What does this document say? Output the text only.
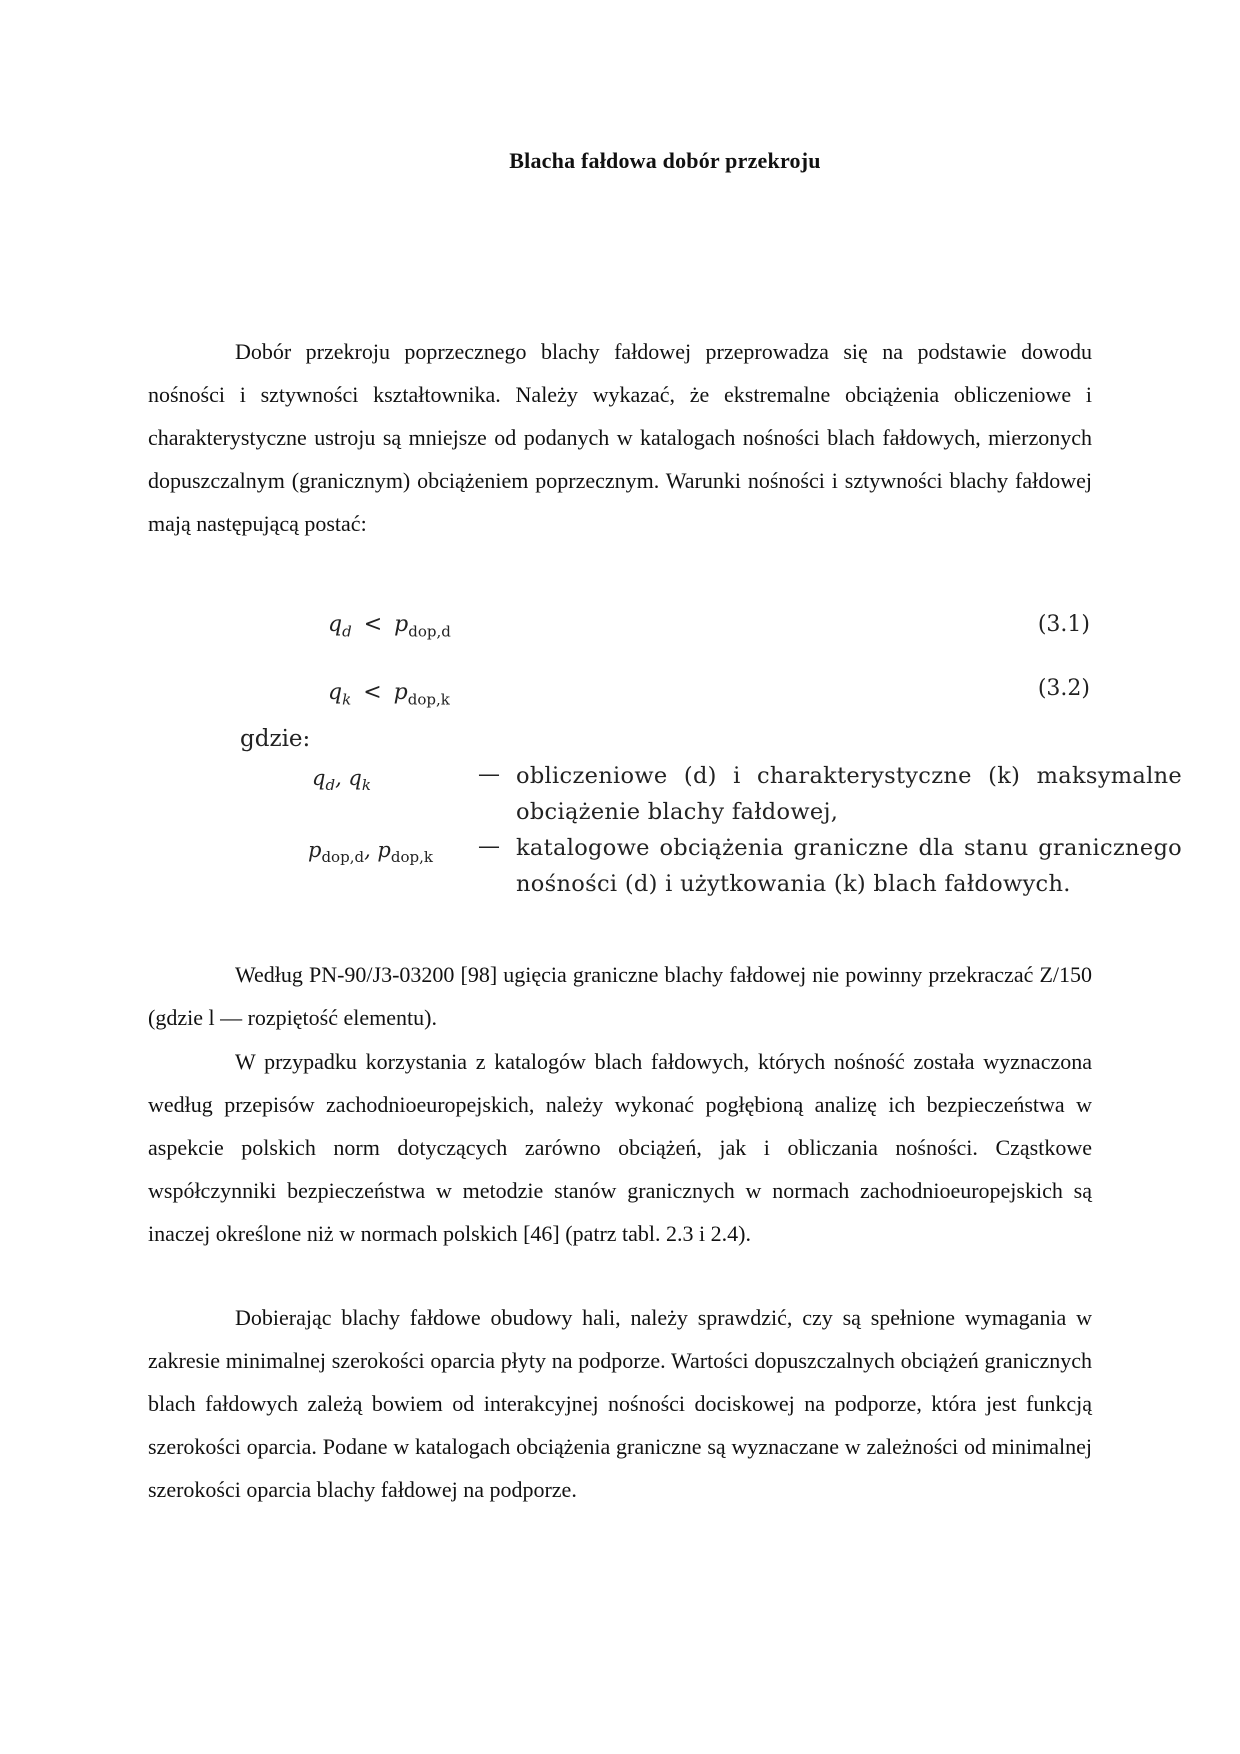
Blacha fałdowa dobór przekroju

Dobór przekroju poprzecznego blachy fałdowej przeprowadza się na podstawie dowodu nośności i sztywności kształtownika. Należy wykazać, że ekstremalne obciążenia obliczeniowe i charakterystyczne ustroju są mniejsze od podanych w katalogach nośności blach fałdowych, mierzonych dopuszczalnym (granicznym) obciążeniem poprzecznym. Warunki nośności i sztywności blachy fałdowej mają następującą postać:

$q_d < p_{dop,d}$	(3.1)
$q_k < p_{dop,k}$	(3.2)
gdzie:
$q_d$, $q_k$	— obliczeniowe (d) i charakterystyczne (k) maksymalne obciążenie blachy fałdowej,
$p_{dop,d}$, $p_{dop,k}$ — katalogowe obciążenia graniczne dla stanu granicznego nośności (d) i użytkowania (k) blach fałdowych.

Według PN-90/J3-03200 [98] ugięcia graniczne blachy fałdowej nie powinny przekraczać Z/150 (gdzie l — rozpiętość elementu).

W przypadku korzystania z katalogów blach fałdowych, których nośność została wyznaczona według przepisów zachodnioeuropejskich, należy wykonać pogłębioną analizę ich bezpieczeństwa w aspekcie polskich norm dotyczących zarówno obciążeń, jak i obliczania nośności. Cząstkowe współczynniki bezpieczeństwa w metodzie stanów granicznych w normach zachodnioeuropejskich są inaczej określone niż w normach polskich [46] (patrz tabl. 2.3 i 2.4).

Dobierając blachy fałdowe obudowy hali, należy sprawdzić, czy są spełnione wymagania w zakresie minimalnej szerokości oparcia płyty na podporze. Wartości dopuszczalnych obciążeń granicznych blach fałdowych zależą bowiem od interakcyjnej nośności dociskowej na podporze, która jest funkcją szerokości oparcia. Podane w katalogach obciążenia graniczne są wyznaczane w zależności od minimalnej szerokości oparcia blachy fałdowej na podporze.
